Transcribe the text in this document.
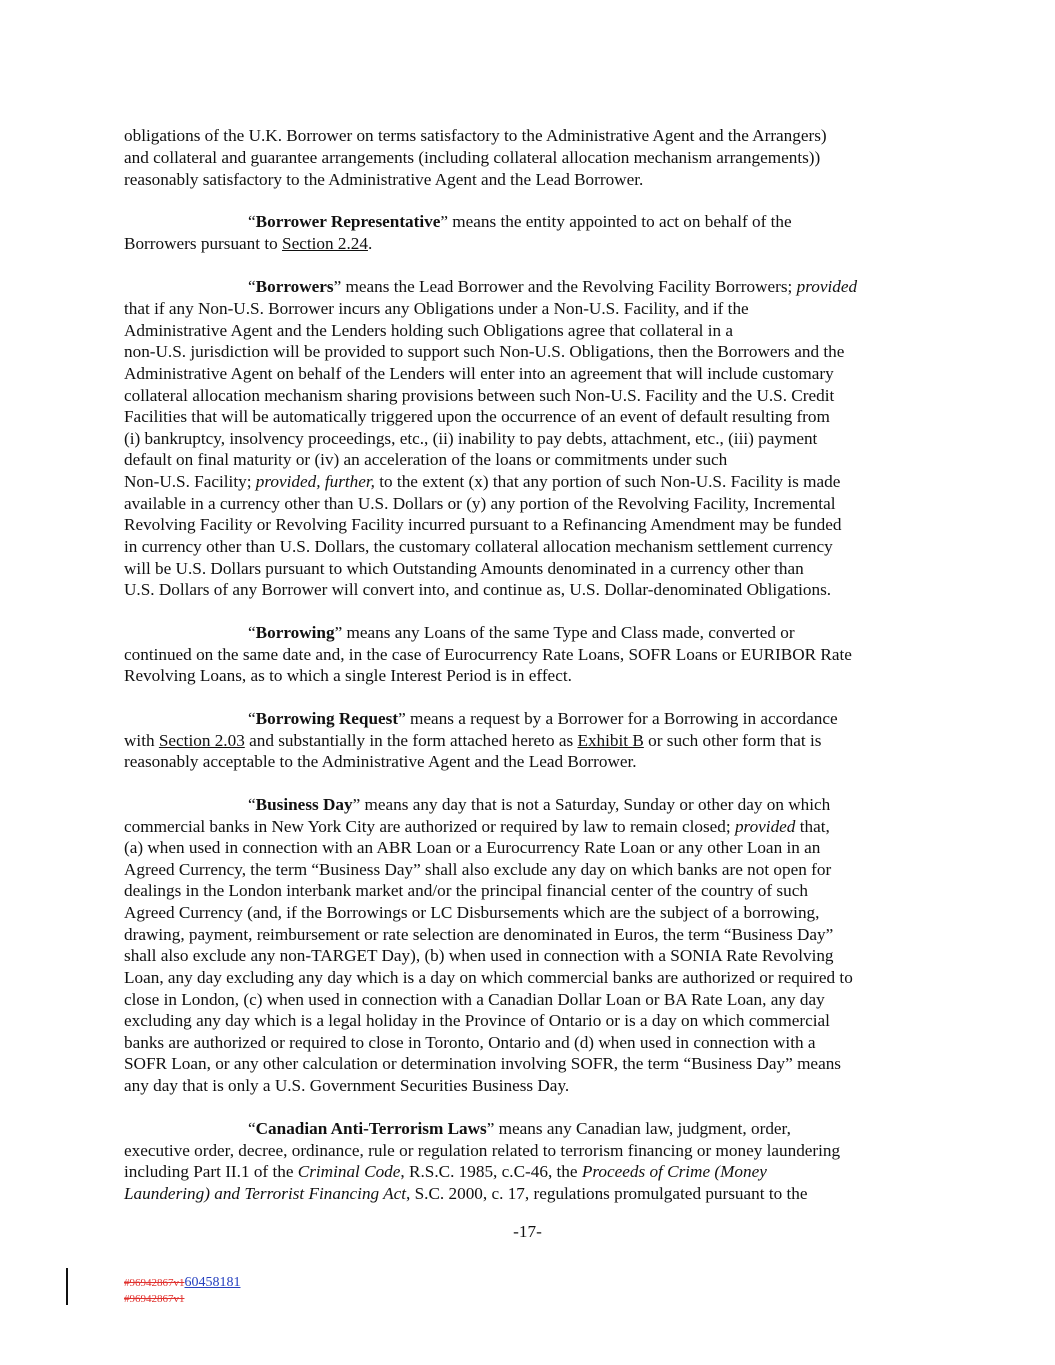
obligations of the U.K. Borrower on terms satisfactory to the Administrative Agent and the Arrangers)
and collateral and guarantee arrangements (including collateral allocation mechanism arrangements))
reasonably satisfactory to the Administrative Agent and the Lead Borrower.
“Borrower Representative” means the entity appointed to act on behalf of the
Borrowers pursuant to Section 2.24.
“Borrowers” means the Lead Borrower and the Revolving Facility Borrowers; provided
that if any Non-U.S. Borrower incurs any Obligations under a Non-U.S. Facility, and if the
Administrative Agent and the Lenders holding such Obligations agree that collateral in a
non-U.S. jurisdiction will be provided to support such Non-U.S. Obligations, then the Borrowers and the
Administrative Agent on behalf of the Lenders will enter into an agreement that will include customary
collateral allocation mechanism sharing provisions between such Non-U.S. Facility and the U.S. Credit
Facilities that will be automatically triggered upon the occurrence of an event of default resulting from
(i) bankruptcy, insolvency proceedings, etc., (ii) inability to pay debts, attachment, etc., (iii) payment
default on final maturity or (iv) an acceleration of the loans or commitments under such
Non-U.S. Facility; provided, further, to the extent (x) that any portion of such Non-U.S. Facility is made
available in a currency other than U.S. Dollars or (y) any portion of the Revolving Facility, Incremental
Revolving Facility or Revolving Facility incurred pursuant to a Refinancing Amendment may be funded
in currency other than U.S. Dollars, the customary collateral allocation mechanism settlement currency
will be U.S. Dollars pursuant to which Outstanding Amounts denominated in a currency other than
U.S. Dollars of any Borrower will convert into, and continue as, U.S. Dollar-denominated Obligations.
“Borrowing” means any Loans of the same Type and Class made, converted or
continued on the same date and, in the case of Eurocurrency Rate Loans, SOFR Loans or EURIBOR Rate
Revolving Loans, as to which a single Interest Period is in effect.
“Borrowing Request” means a request by a Borrower for a Borrowing in accordance
with Section 2.03 and substantially in the form attached hereto as Exhibit B or such other form that is
reasonably acceptable to the Administrative Agent and the Lead Borrower.
“Business Day” means any day that is not a Saturday, Sunday or other day on which
commercial banks in New York City are authorized or required by law to remain closed; provided that,
(a) when used in connection with an ABR Loan or a Eurocurrency Rate Loan or any other Loan in an
Agreed Currency, the term “Business Day” shall also exclude any day on which banks are not open for
dealings in the London interbank market and/or the principal financial center of the country of such
Agreed Currency (and, if the Borrowings or LC Disbursements which are the subject of a borrowing,
drawing, payment, reimbursement or rate selection are denominated in Euros, the term “Business Day”
shall also exclude any non-TARGET Day), (b) when used in connection with a SONIA Rate Revolving
Loan, any day excluding any day which is a day on which commercial banks are authorized or required to
close in London, (c) when used in connection with a Canadian Dollar Loan or BA Rate Loan, any day
excluding any day which is a legal holiday in the Province of Ontario or is a day on which commercial
banks are authorized or required to close in Toronto, Ontario and (d) when used in connection with a
SOFR Loan, or any other calculation or determination involving SOFR, the term “Business Day” means
any day that is only a U.S. Government Securities Business Day.
“Canadian Anti-Terrorism Laws” means any Canadian law, judgment, order,
executive order, decree, ordinance, rule or regulation related to terrorism financing or money laundering
including Part II.1 of the Criminal Code, R.S.C. 1985, c.C-46, the Proceeds of Crime (Money
Laundering) and Terrorist Financing Act, S.C. 2000, c. 17, regulations promulgated pursuant to the
-17-
#96942867v160458181
#96942867v1
